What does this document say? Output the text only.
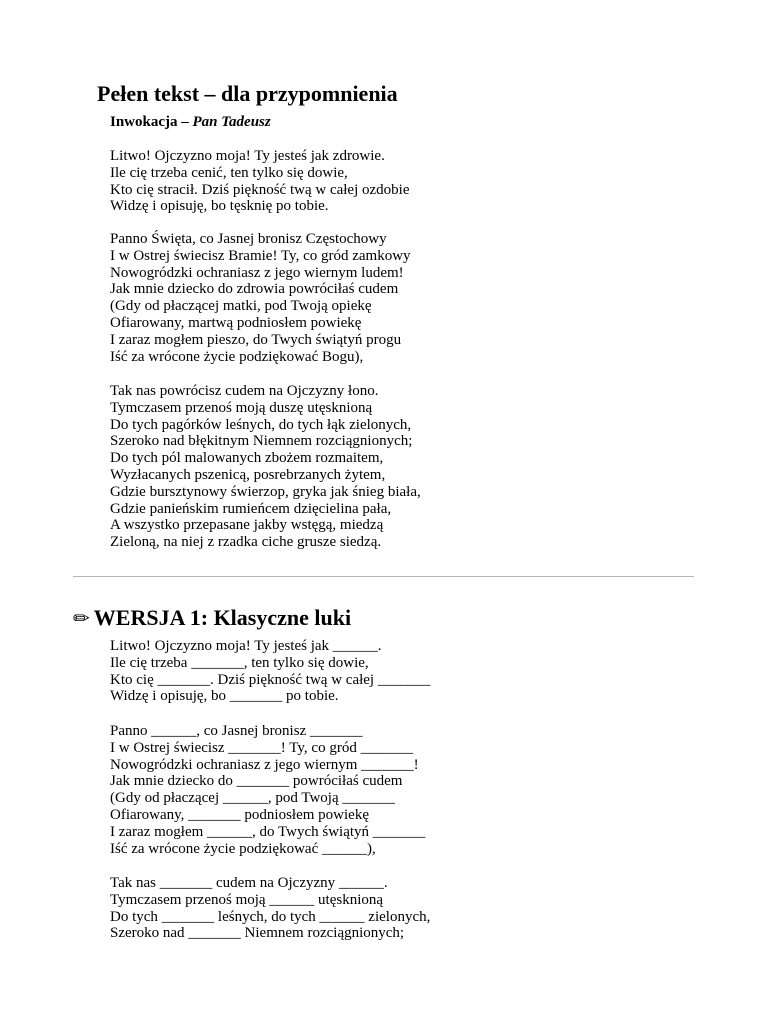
Pełen tekst – dla przypomnienia
Inwokacja – Pan Tadeusz
Litwo! Ojczyzno moja! Ty jesteś jak zdrowie.
Ile cię trzeba cenić, ten tylko się dowie,
Kto cię stracił. Dziś piękność twą w całej ozdobie
Widzę i opisuję, bo tęsknię po tobie.
Panno Święta, co Jasnej bronisz Częstochowy
I w Ostrej świecisz Bramie! Ty, co gród zamkowy
Nowogródzki ochraniasz z jego wiernym ludem!
Jak mnie dziecko do zdrowia powróciłaś cudem
(Gdy od płaczącej matki, pod Twoją opiekę
Ofiarowany, martwą podniosłem powiekę
I zaraz mogłem pieszo, do Twych świątyń progu
Iść za wrócone życie podziękować Bogu),
Tak nas powrócisz cudem na Ojczyzny łono.
Tymczasem przenoś moją duszę utęsknioną
Do tych pagórków leśnych, do tych łąk zielonych,
Szeroko nad błękitnym Niemnem rozciągnionych;
Do tych pól malowanych zbożem rozmaitem,
Wyzłacanych pszenicą, posrebrzanych żytem,
Gdzie bursztynowy świerzop, gryka jak śnieg biała,
Gdzie panieńskim rumieńcem dzięcielina pała,
A wszystko przepasane jakby wstęgą, miedzą
Zieloną, na niej z rzadka ciche grusze siedzą.
✏ WERSJA 1: Klasyczne luki
Litwo! Ojczyzno moja! Ty jesteś jak ______.
Ile cię trzeba _______, ten tylko się dowie,
Kto cię _______. Dziś piękność twą w całej _______
Widzę i opisuję, bo _______ po tobie.
Panno ______, co Jasnej bronisz _______
I w Ostrej świecisz _______! Ty, co gród _______
Nowogródzki ochraniasz z jego wiernym _______!
Jak mnie dziecko do _______ powróciłaś cudem
(Gdy od płaczącej ______, pod Twoją _______
Ofiarowany, _______ podniosłem powiekę
I zaraz mogłem ______, do Twych świątyń _______
Iść za wrócone życie podziękować ______),
Tak nas _______ cudem na Ojczyzny ______.
Tymczasem przenoś moją ______ utęsknioną
Do tych _______ leśnych, do tych ______ zielonych,
Szeroko nad _______ Niemnem rozciągnionych;
